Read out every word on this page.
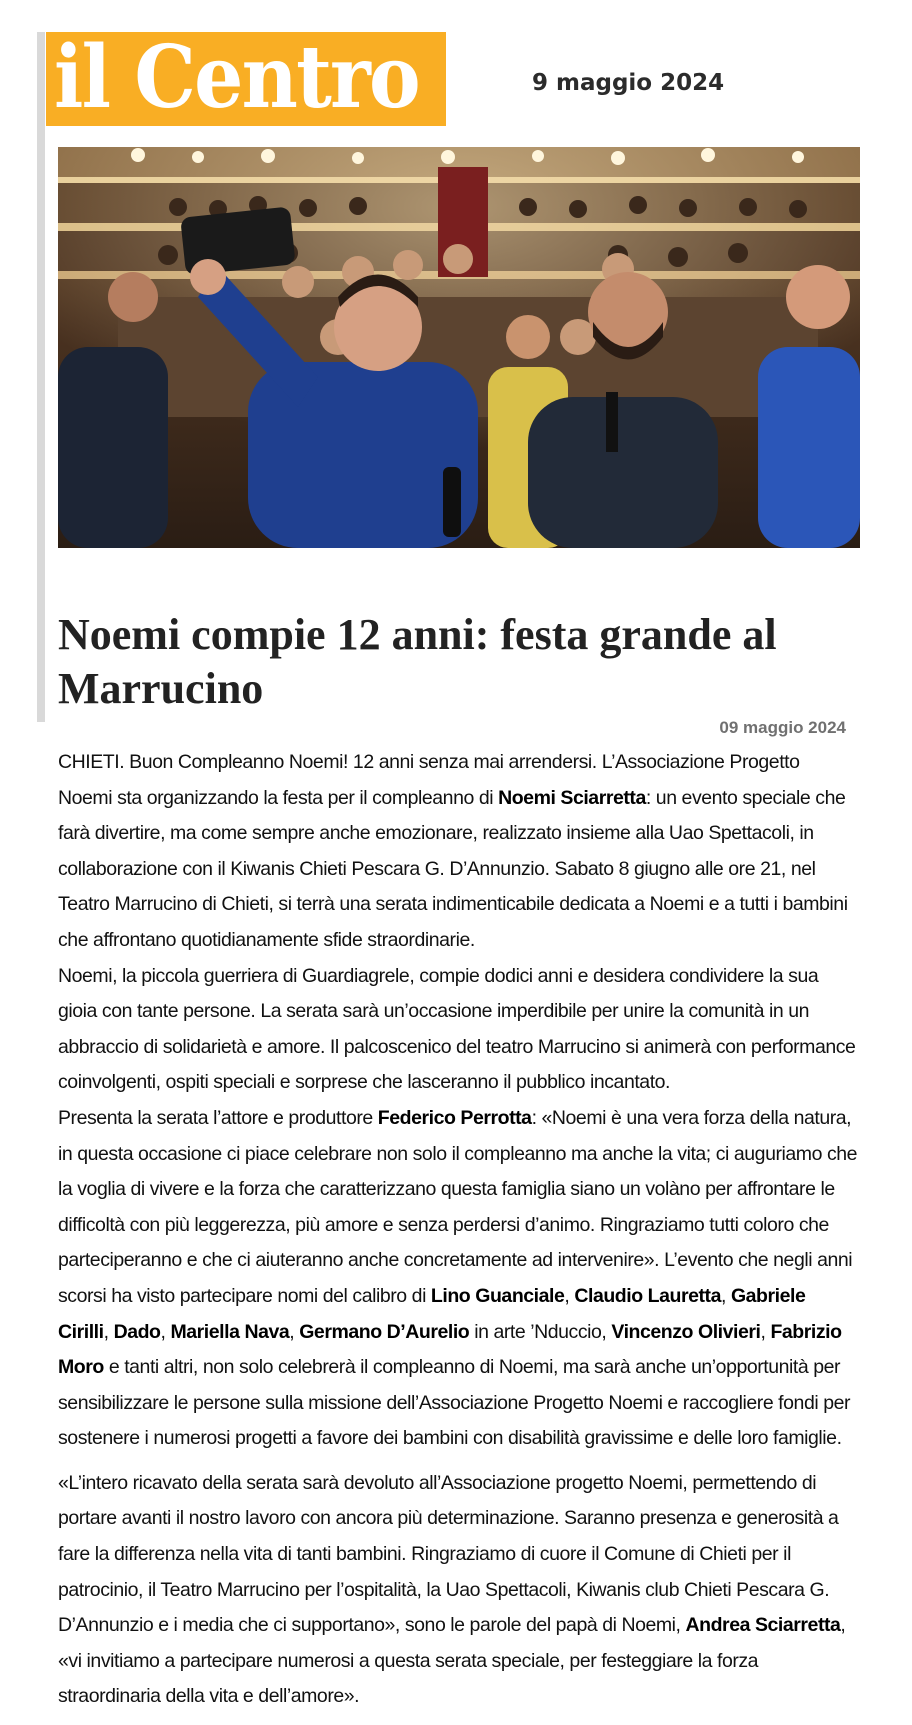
il Centro	9 maggio 2024
Noemi compie 12 anni: festa grande al Marrucino
09 maggio 2024

CHIETI. Buon Compleanno Noemi! 12 anni senza mai arrendersi. L’Associazione Progetto Noemi sta organizzando la festa per il compleanno di Noemi Sciarretta: un evento speciale che farà divertire, ma come sempre anche emozionare, realizzato insieme alla Uao Spettacoli, in collaborazione con il Kiwanis Chieti Pescara G. D’Annunzio. Sabato 8 giugno alle ore 21, nel Teatro Marrucino di Chieti, si terrà una serata indimenticabile dedicata a Noemi e a tutti i bambini che affrontano quotidianamente sfide straordinarie.

Noemi, la piccola guerriera di Guardiagrele, compie dodici anni e desidera condividere la sua gioia con tante persone. La serata sarà un’occasione imperdibile per unire la comunità in un abbraccio di solidarietà e amore. Il palcoscenico del teatro Marrucino si animerà con performance coinvolgenti, ospiti speciali e sorprese che lasceranno il pubblico incantato.

Presenta la serata l’attore e produttore Federico Perrotta: «Noemi è una vera forza della natura, in questa occasione ci piace celebrare non solo il compleanno ma anche la vita; ci auguriamo che la voglia di vivere e la forza che caratterizzano questa famiglia siano un volàno per affrontare le difficoltà con più leggerezza, più amore e senza perdersi d’animo. Ringraziamo tutti coloro che parteciperanno e che ci aiuteranno anche concretamente ad intervenire». L’evento che negli anni scorsi ha visto partecipare nomi del calibro di Lino Guanciale, Claudio Lauretta, Gabriele Cirilli, Dado, Mariella Nava, Germano D’Aurelio in arte ’Nduccio, Vincenzo Olivieri, Fabrizio Moro e tanti altri, non solo celebrerà il compleanno di Noemi, ma sarà anche un’opportunità per sensibilizzare le persone sulla missione dell’Associazione Progetto Noemi e raccogliere fondi per sostenere i numerosi progetti a favore dei bambini con disabilità gravissime e delle loro famiglie.

«L’intero ricavato della serata sarà devoluto all’Associazione progetto Noemi, permettendo di portare avanti il nostro lavoro con ancora più determinazione. Saranno presenza e generosità a fare la differenza nella vita di tanti bambini. Ringraziamo di cuore il Comune di Chieti per il patrocinio, il Teatro Marrucino per l’ospitalità, la Uao Spettacoli, Kiwanis club Chieti Pescara G. D’Annunzio e i media che ci supportano», sono le parole del papà di Noemi, Andrea Sciarretta, «vi invitiamo a partecipare numerosi a questa serata speciale, per festeggiare la forza straordinaria della vita e dell’amore».
